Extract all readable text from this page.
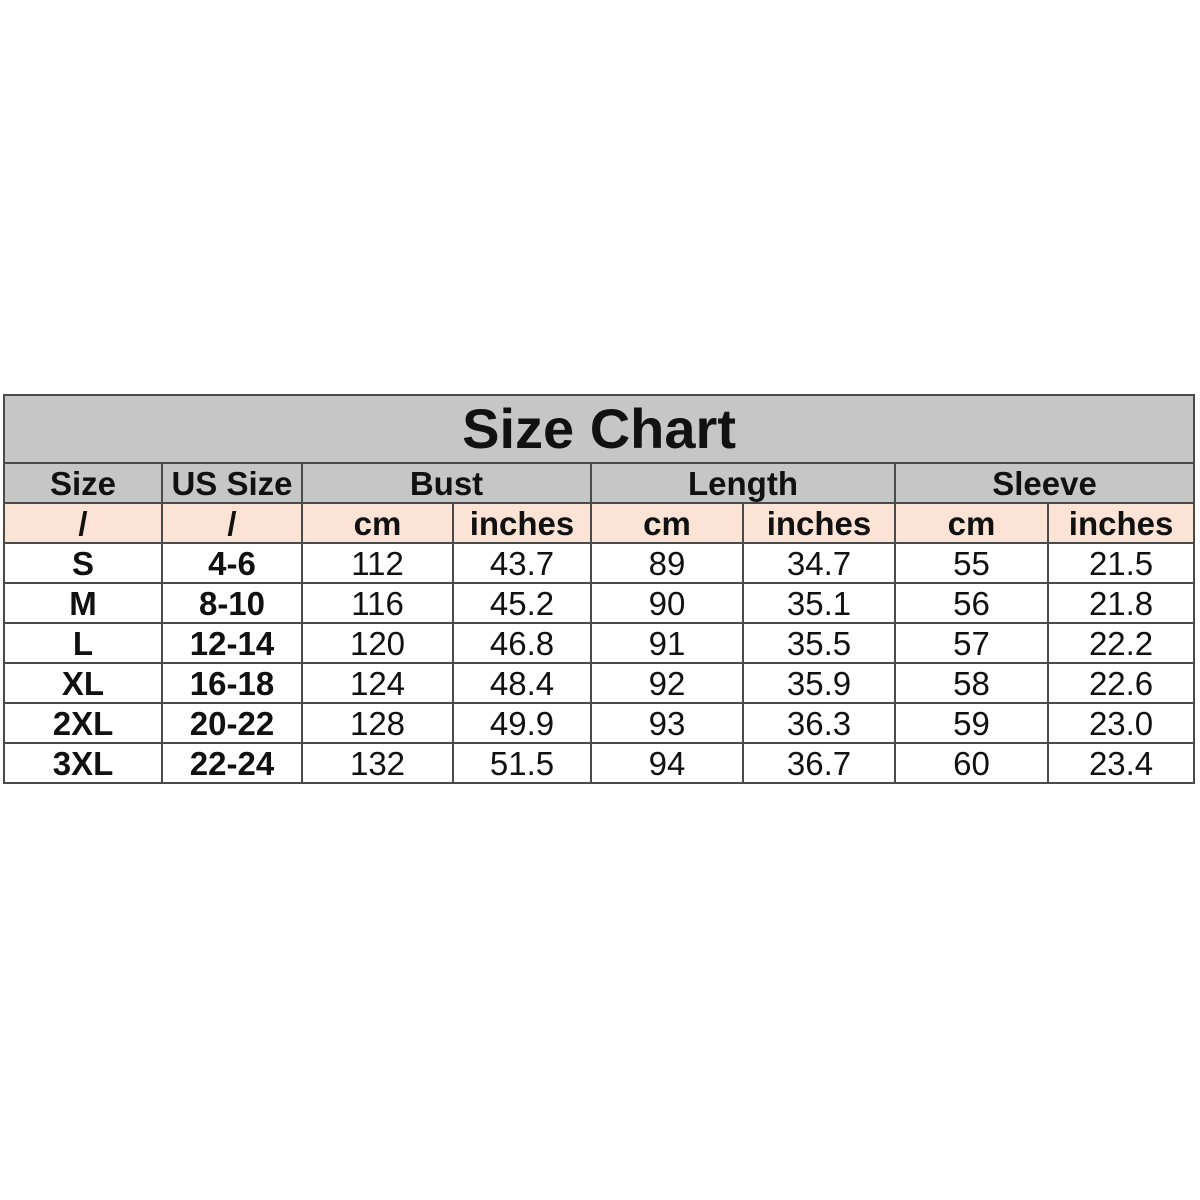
Size Chart							
Size	US Size	Bust		Length		Sleeve	
/	/	cm	inches	cm	inches	cm	inches
S	4-6	112	43.7	89	34.7	55	21.5
M	8-10	116	45.2	90	35.1	56	21.8
L	12-14	120	46.8	91	35.5	57	22.2
XL	16-18	124	48.4	92	35.9	58	22.6
2XL	20-22	128	49.9	93	36.3	59	23.0
3XL	22-24	132	51.5	94	36.7	60	23.4
